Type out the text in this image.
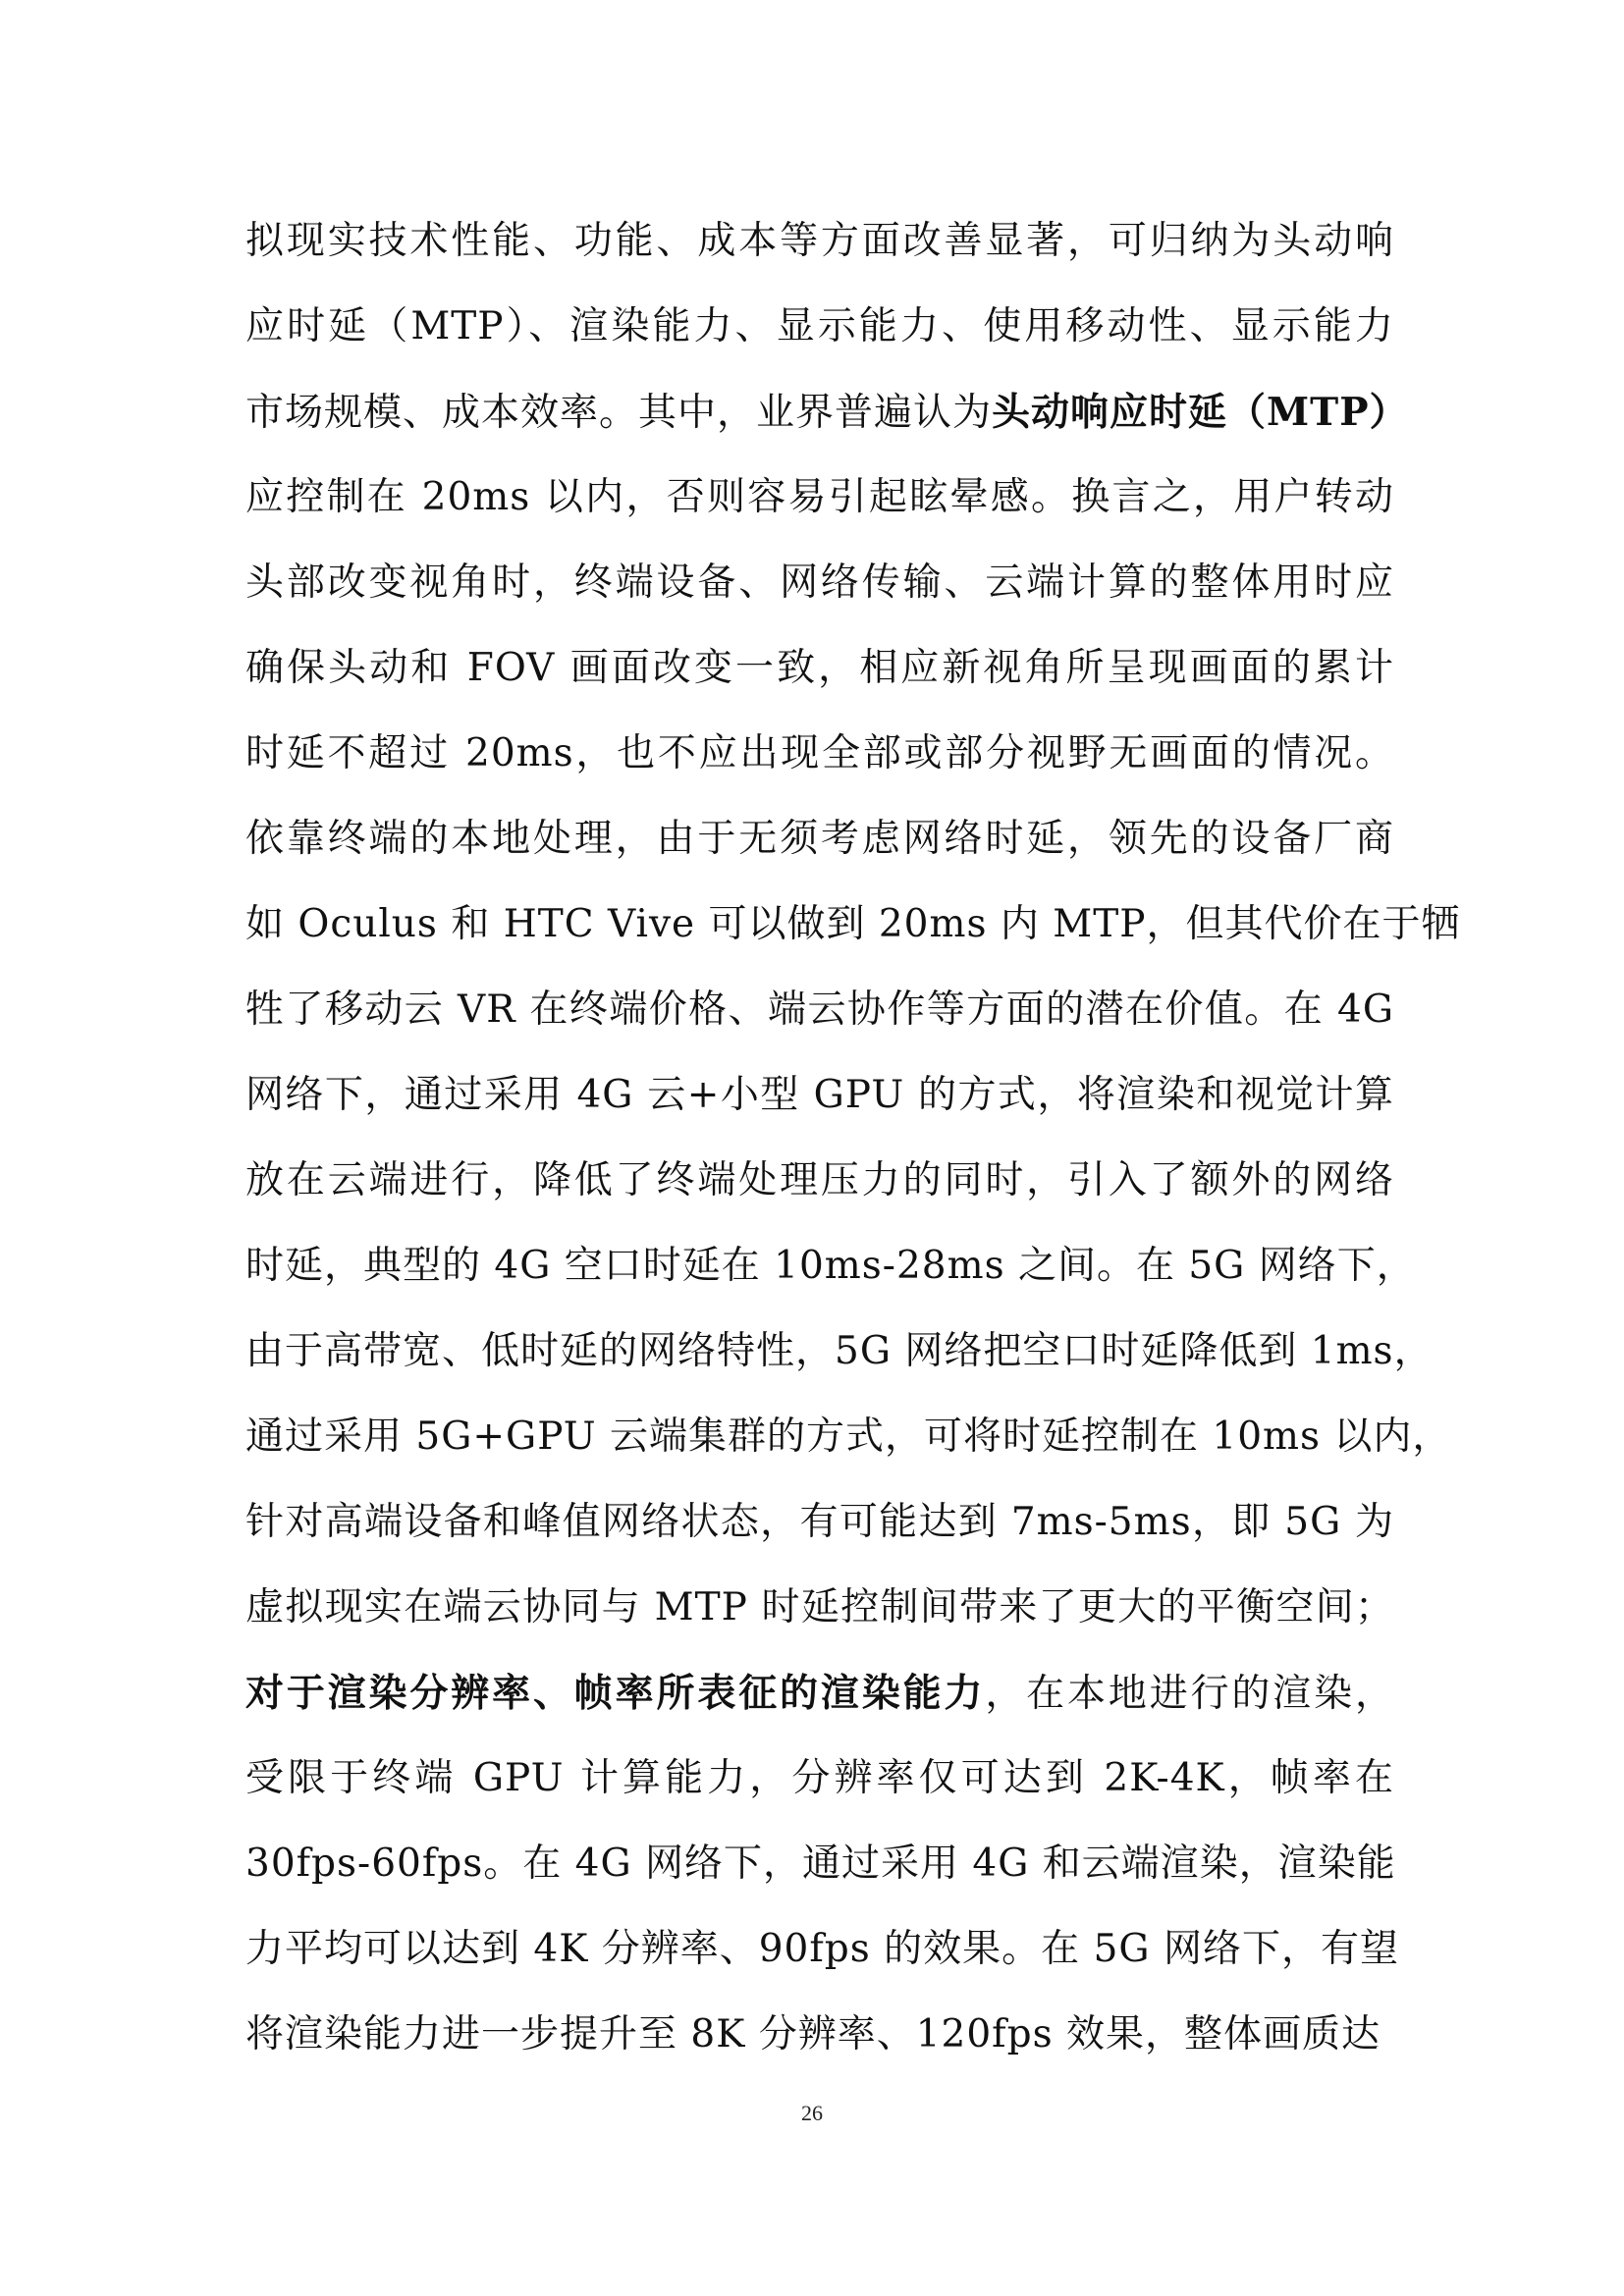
拟现实技术性能、功能、成本等方面改善显著，可归纳为头动响
应时延（MTP）、渲染能力、显示能力、使用移动性、显示能力
市场规模、成本效率。其中，业界普遍认为头动响应时延（MTP）
应控制在 20ms 以内，否则容易引起眩晕感。换言之，用户转动
头部改变视角时，终端设备、网络传输、云端计算的整体用时应
确保头动和 FOV 画面改变一致，相应新视角所呈现画面的累计
时延不超过 20ms，也不应出现全部或部分视野无画面的情况。
依靠终端的本地处理，由于无须考虑网络时延，领先的设备厂商
如 Oculus 和 HTC Vive 可以做到 20ms 内 MTP，但其代价在于牺
牲了移动云 VR 在终端价格、端云协作等方面的潜在价值。在 4G
网络下，通过采用 4G 云+小型 GPU 的方式，将渲染和视觉计算
放在云端进行，降低了终端处理压力的同时，引入了额外的网络
时延，典型的 4G 空口时延在 10ms-28ms 之间。在 5G 网络下，
由于高带宽、低时延的网络特性，5G 网络把空口时延降低到 1ms，
通过采用 5G+GPU 云端集群的方式，可将时延控制在 10ms 以内，
针对高端设备和峰值网络状态，有可能达到 7ms-5ms，即 5G 为
虚拟现实在端云协同与 MTP 时延控制间带来了更大的平衡空间；
对于渲染分辨率、帧率所表征的渲染能力，在本地进行的渲染，
受限于终端 GPU 计算能力，分辨率仅可达到 2K-4K，帧率在
30fps-60fps。在 4G 网络下，通过采用 4G 和云端渲染，渲染能
力平均可以达到 4K 分辨率、90fps 的效果。在 5G 网络下，有望
将渲染能力进一步提升至 8K 分辨率、120fps 效果，整体画质达
26
